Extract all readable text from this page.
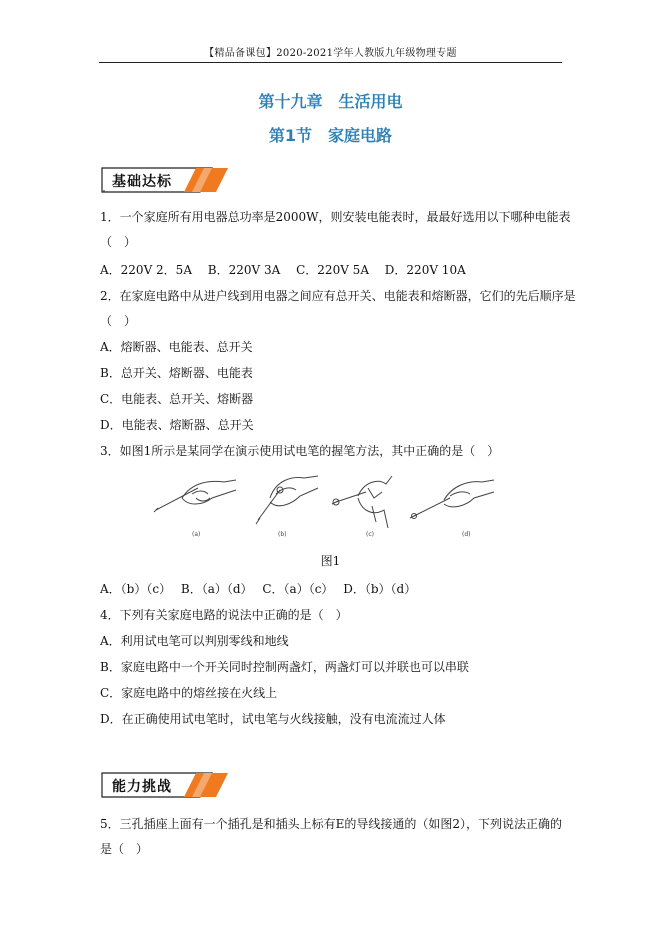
【精品备课包】2020-2021学年人教版九年级物理专题
第十九章　生活用电
第1节　家庭电路
基础达标
1．一个家庭所有用电器总功率是2000W，则安装电能表时，最最好选用以下哪种电能表
（　）
A．220V 2．5A　 B．220V 3A　 C．220V 5A　 D．220V 10A
2．在家庭电路中从进户线到用电器之间应有总开关、电能表和熔断器，它们的先后顺序是
（　）
A．熔断器、电能表、总开关
B．总开关、熔断器、电能表
C．电能表、总开关、熔断器
D．电能表、熔断器、总开关
3．如图1所示是某同学在演示使用试电笔的握笔方法，其中正确的是（　）
(a)	(b)	(c)	(d)
图1
A．（b）（c）　 B．（a）（d）　 C．（a）（c）　 D．（b）（d）
4．下列有关家庭电路的说法中正确的是（　）
A．利用试电笔可以判别零线和地线
B．家庭电路中一个开关同时控制两盏灯，两盏灯可以并联也可以串联
C．家庭电路中的熔丝接在火线上
D．在正确使用试电笔时，试电笔与火线接触，没有电流流过人体
能力挑战
5．三孔插座上面有一个插孔是和插头上标有E的导线接通的（如图2），下列说法正确的
是（　）
